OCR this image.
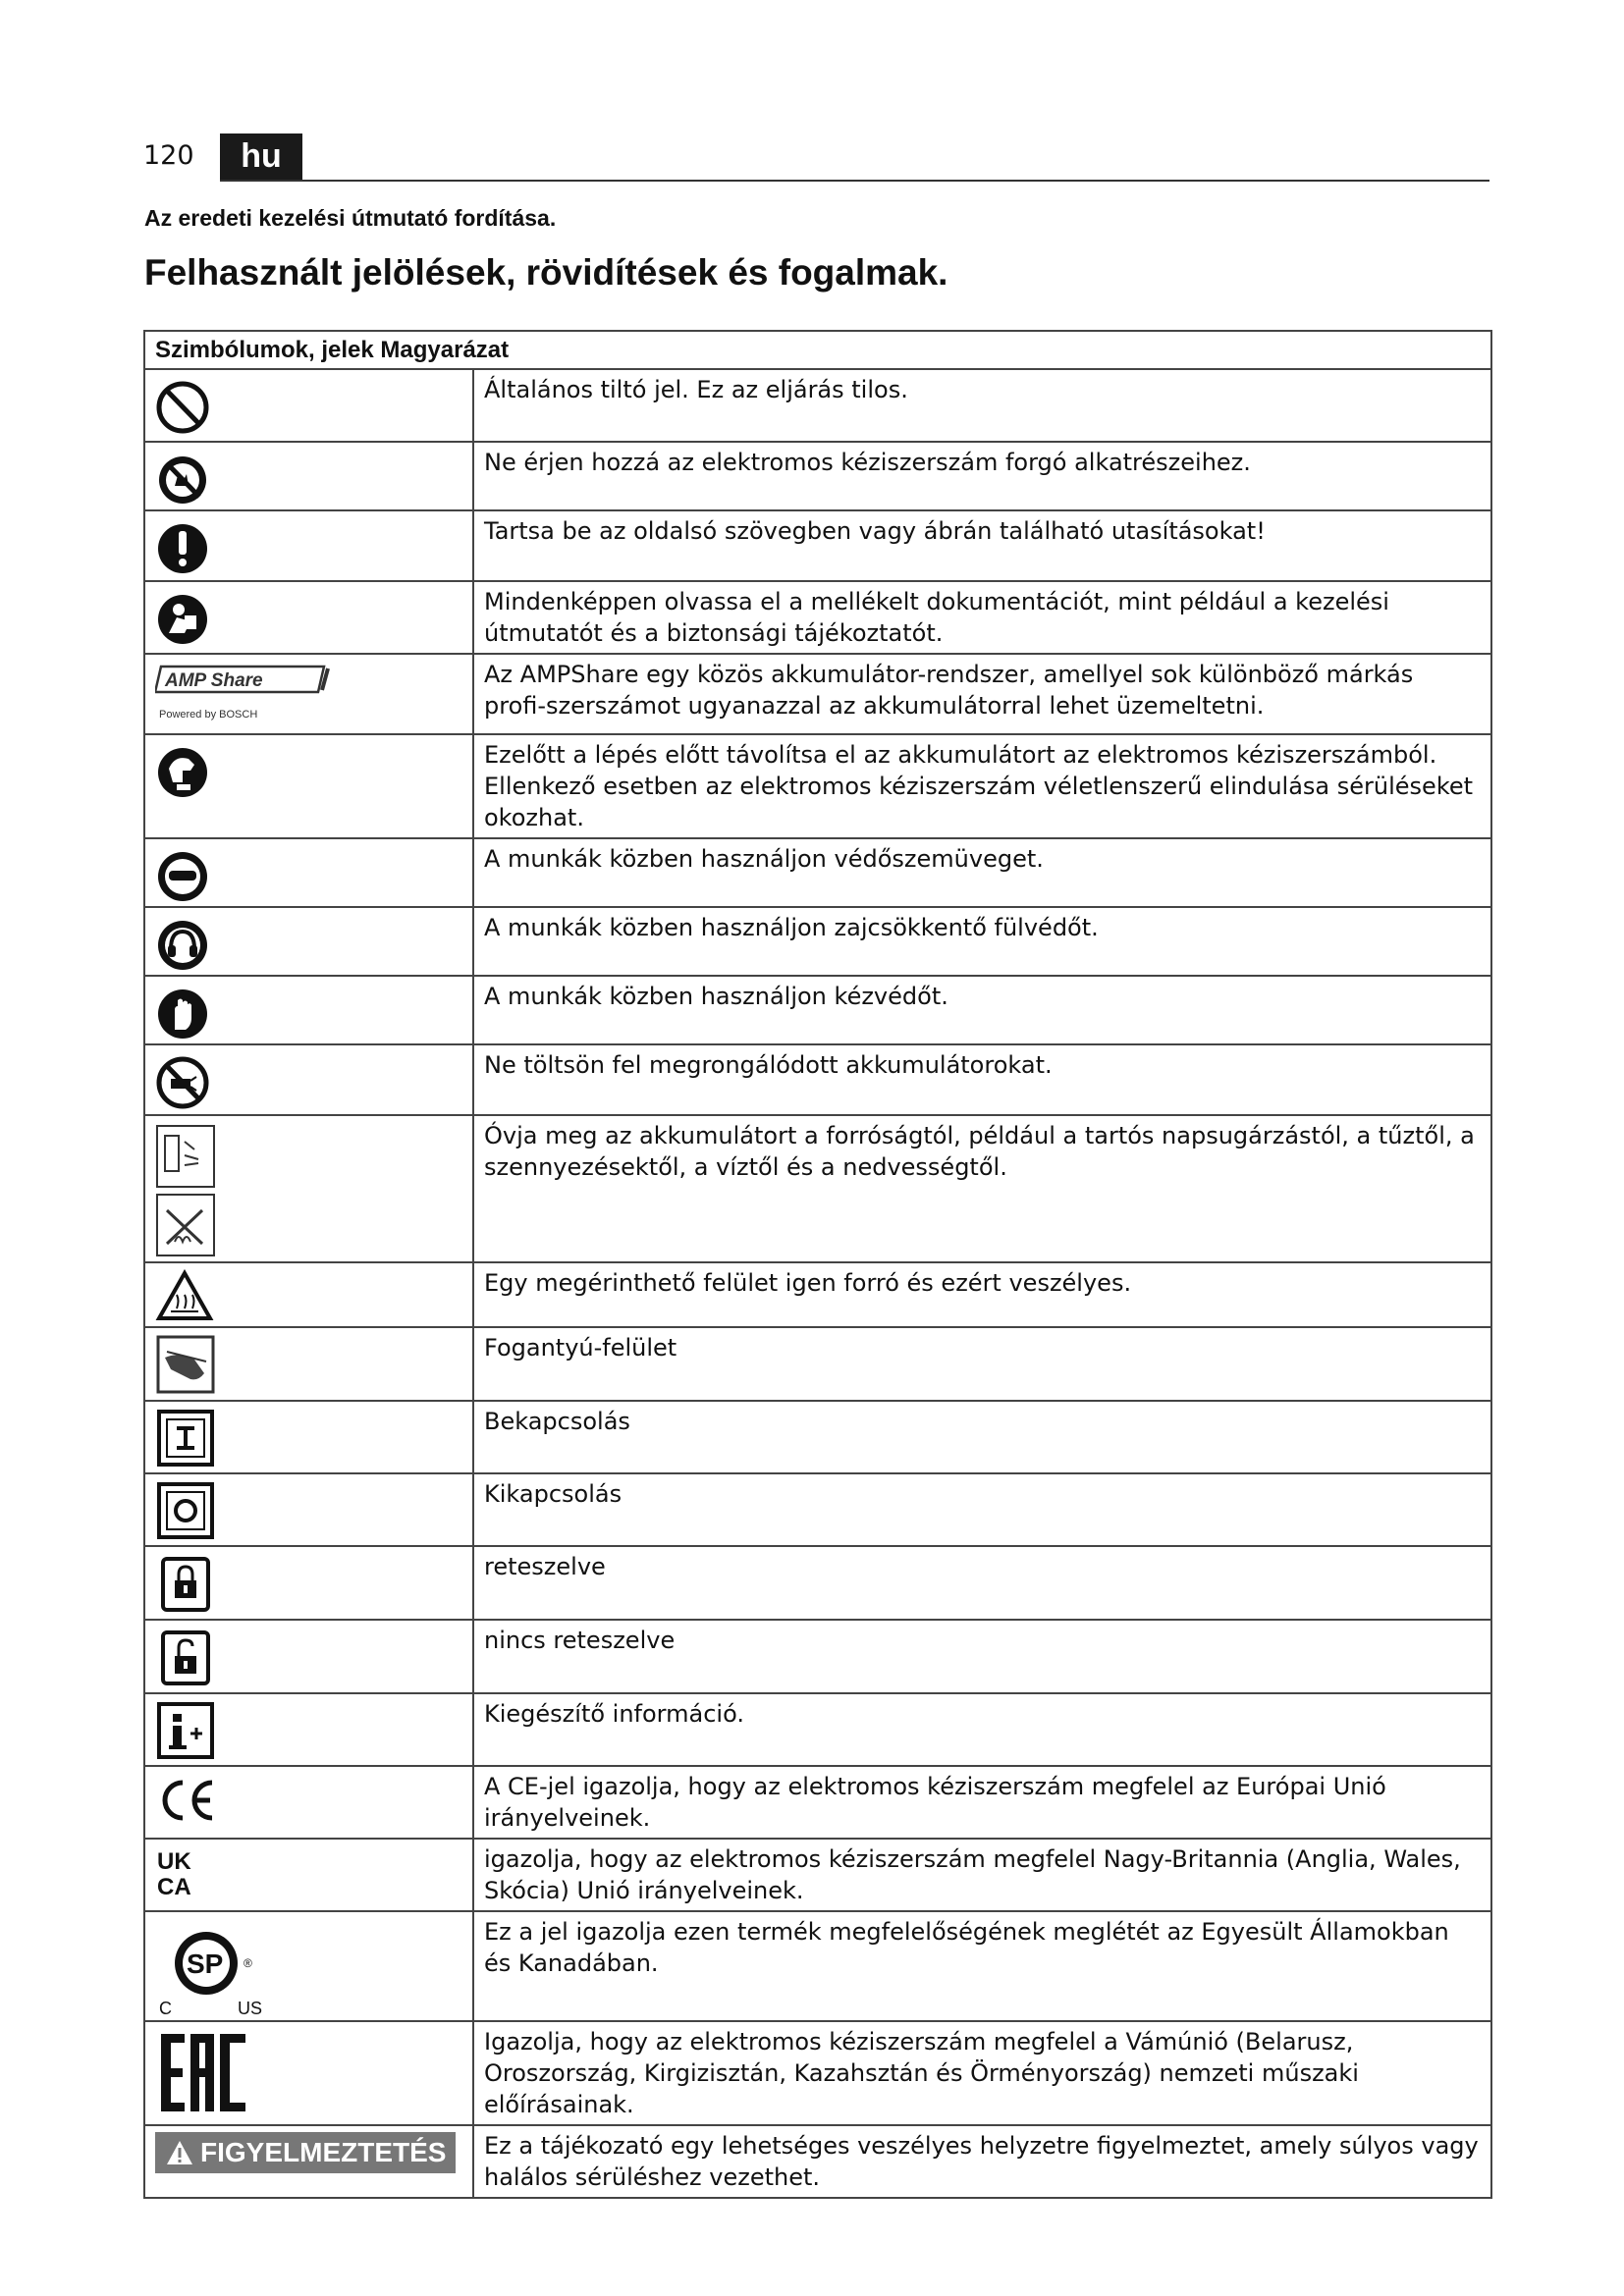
120	hu
Az eredeti kezelési útmutató fordítása.
Felhasznált jelölések, rövidítések és fogalmak.
Szimbólumok, jelek Magyarázat	

	Általános tiltó jel. Ez az eljárás tilos.

	Ne érjen hozzá az elektromos kéziszerszám forgó alkatrészeihez.

	Tartsa be az oldalsó szövegben vagy ábrán található utasításokat!

	Mindenképpen olvassa el a mellékelt dokumentációt, mint például a kezelési útmutatót és a biztonsági tájékoztatót.

AMP Share
Powered by BOSCH	Az AMPShare egy közös akkumulátor-rendszer, amellyel sok különböző márkás profi-szerszámot ugyanazzal az akkumulátorral lehet üzemeltetni.

	Ezelőtt a lépés előtt távolítsa el az akkumulátort az elektromos kéziszerszámból. Ellenkező esetben az elektromos kéziszerszám véletlenszerű elindulása sérüléseket okozhat.

	A munkák közben használjon védőszemüveget.

	A munkák közben használjon zajcsökkentő fülvédőt.

	A munkák közben használjon kézvédőt.

	Ne töltsön fel megrongálódott akkumulátorokat.

	Óvja meg az akkumulátort a forróságtól, például a tartós napsugárzástól, a tűztől, a szennyezésektől, a víztől és a nedvességtől.

	Egy megérinthető felület igen forró és ezért veszélyes.

	Fogantyú-felület

	Bekapcsolás

	Kikapcsolás

	reteszelve

	nincs reteszelve

	Kiegészítő információ.

	A CE-jel igazolja, hogy az elektromos kéziszerszám megfelel az Európai Unió irányelveinek.

UK
CA	igazolja, hogy az elektromos kéziszerszám megfelel Nagy-Britannia (Anglia, Wales, Skócia) Unió irányelveinek.

SP ®
C US	Ez a jel igazolja ezen termék megfelelőségének meglétét az Egyesült Államokban és Kanadában.

	Igazolja, hogy az elektromos kéziszerszám megfelel a Vámúnió (Belarusz, Oroszország, Kirgizisztán, Kazahsztán és Örményország) nemzeti műszaki előírásainak.

FIGYELMEZTETÉS	Ez a tájékozató egy lehetséges veszélyes helyzetre figyelmeztet, amely súlyos vagy halálos sérüléshez vezethet.
